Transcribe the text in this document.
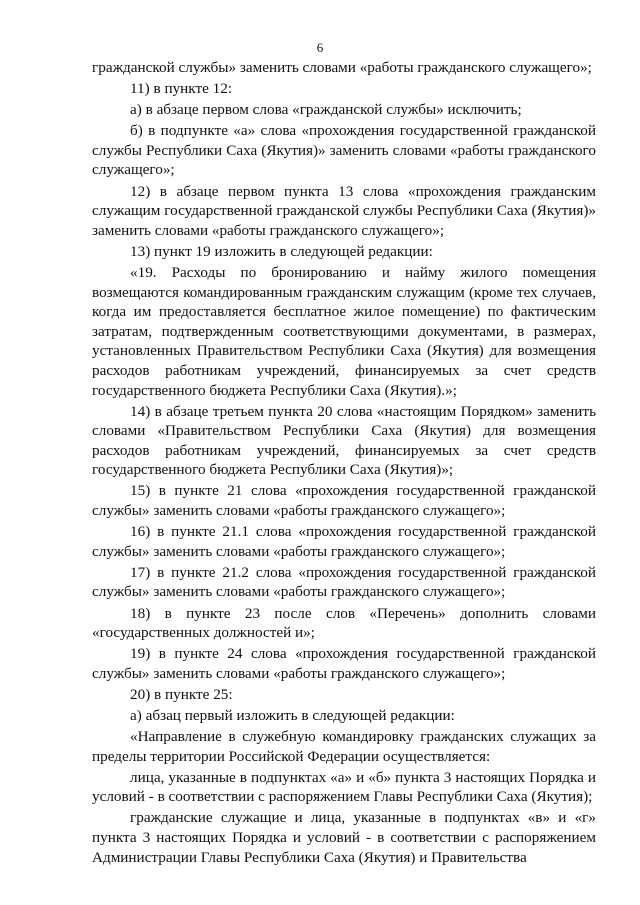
6

гражданской службы» заменить словами «работы гражданского служащего»;

11) в пункте 12:

а) в абзаце первом слова «гражданской службы» исключить;

б) в подпункте «а» слова «прохождения государственной гражданской службы Республики Саха (Якутия)» заменить словами «работы гражданского служащего»;

12) в абзаце первом пункта 13 слова «прохождения гражданским служащим государственной гражданской службы Республики Саха (Якутия)» заменить словами «работы гражданского служащего»;

13) пункт 19 изложить в следующей редакции:

«19. Расходы по бронированию и найму жилого помещения возмещаются командированным гражданским служащим (кроме тех случаев, когда им предоставляется бесплатное жилое помещение) по фактическим затратам, подтвержденным соответствующими документами, в размерах, установленных Правительством Республики Саха (Якутия) для возмещения расходов работникам учреждений, финансируемых за счет средств государственного бюджета Республики Саха (Якутия).»;

14) в абзаце третьем пункта 20 слова «настоящим Порядком» заменить словами «Правительством Республики Саха (Якутия) для возмещения расходов работникам учреждений, финансируемых за счет средств государственного бюджета Республики Саха (Якутия)»;

15) в пункте 21 слова «прохождения государственной гражданской службы» заменить словами «работы гражданского служащего»;

16) в пункте 21.1 слова «прохождения государственной гражданской службы» заменить словами «работы гражданского служащего»;

17) в пункте 21.2 слова «прохождения государственной гражданской службы» заменить словами «работы гражданского служащего»;

18) в пункте 23 после слов «Перечень» дополнить словами «государственных должностей и»;

19) в пункте 24 слова «прохождения государственной гражданской службы» заменить словами «работы гражданского служащего»;

20) в пункте 25:

а) абзац первый изложить в следующей редакции:

«Направление в служебную командировку гражданских служащих за пределы территории Российской Федерации осуществляется:

лица, указанные в подпунктах «а» и «б» пункта 3 настоящих Порядка и условий - в соответствии с распоряжением Главы Республики Саха (Якутия);

гражданские служащие и лица, указанные в подпунктах «в» и «г» пункта 3 настоящих Порядка и условий - в соответствии с распоряжением Администрации Главы Республики Саха (Якутия) и Правительства
